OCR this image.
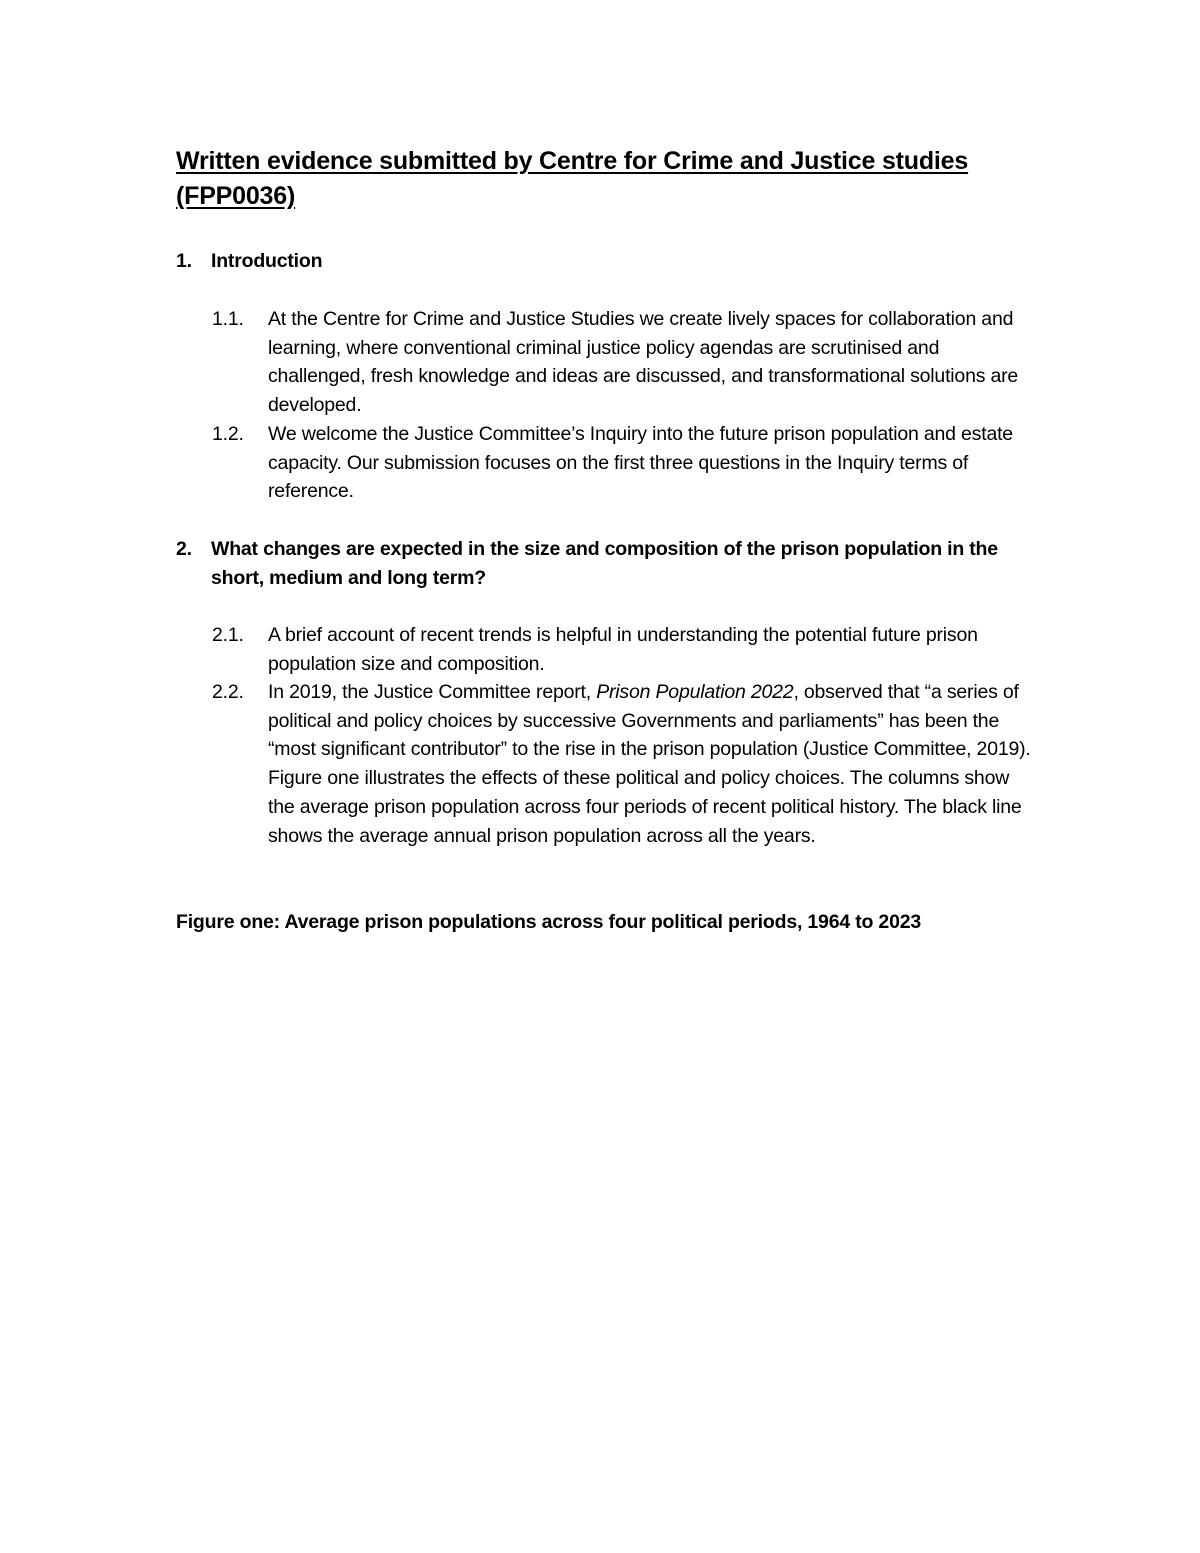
Written evidence submitted by Centre for Crime and Justice studies (FPP0036)
1. Introduction
1.1. At the Centre for Crime and Justice Studies we create lively spaces for collaboration and learning, where conventional criminal justice policy agendas are scrutinised and challenged, fresh knowledge and ideas are discussed, and transformational solutions are developed.
1.2. We welcome the Justice Committee’s Inquiry into the future prison population and estate capacity. Our submission focuses on the first three questions in the Inquiry terms of reference.
2. What changes are expected in the size and composition of the prison population in the short, medium and long term?
2.1. A brief account of recent trends is helpful in understanding the potential future prison population size and composition.
2.2. In 2019, the Justice Committee report, Prison Population 2022, observed that “a series of political and policy choices by successive Governments and parliaments” has been the “most significant contributor” to the rise in the prison population (Justice Committee, 2019). Figure one illustrates the effects of these political and policy choices. The columns show the average prison population across four periods of recent political history. The black line shows the average annual prison population across all the years.
Figure one: Average prison populations across four political periods, 1964 to 2023
